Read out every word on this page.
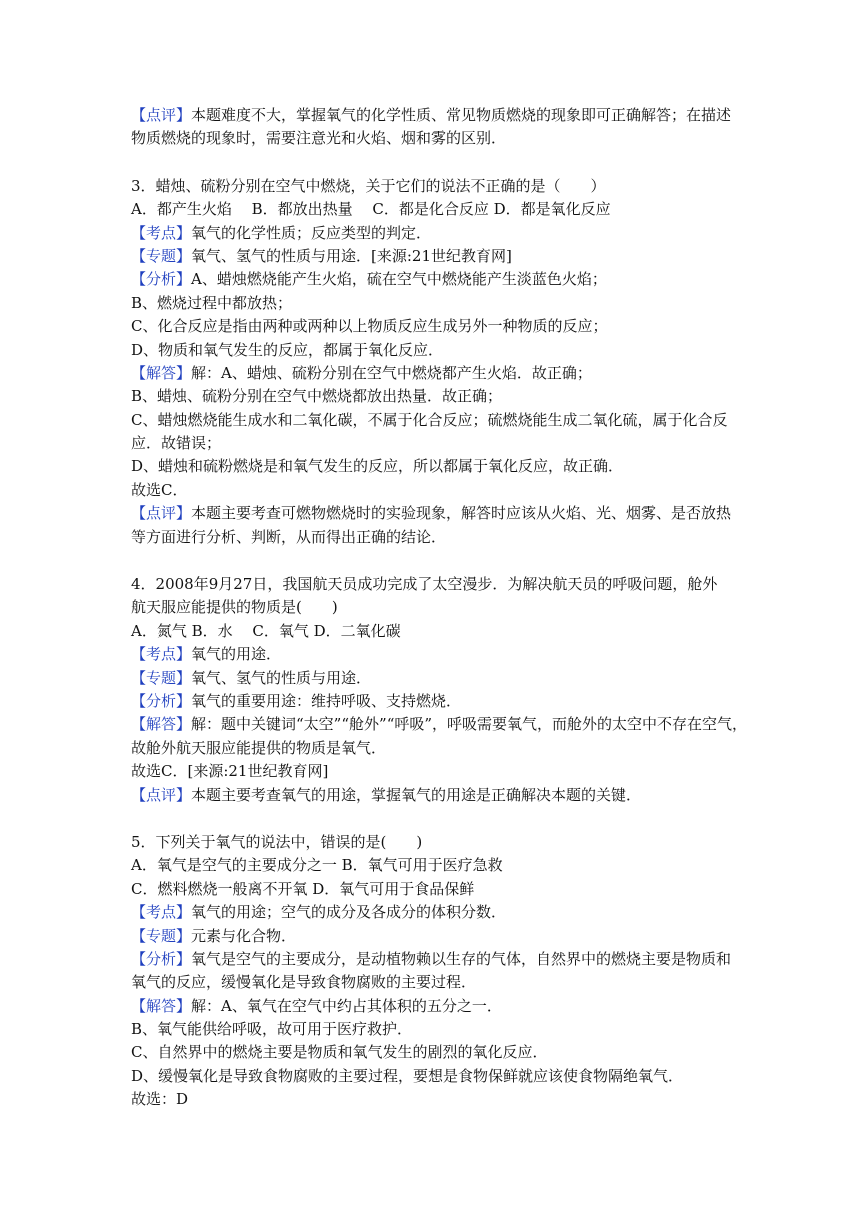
【点评】本题难度不大，掌握氧气的化学性质、常见物质燃烧的现象即可正确解答；在描述
物质燃烧的现象时，需要注意光和火焰、烟和雾的区别．
3．蜡烛、硫粉分别在空气中燃烧，关于它们的说法不正确的是（　　）
A．都产生火焰　 B．都放出热量　 C．都是化合反应 D．都是氧化反应
【考点】氧气的化学性质；反应类型的判定．
【专题】氧气、氢气的性质与用途．[来源:21世纪教育网]
【分析】A、蜡烛燃烧能产生火焰，硫在空气中燃烧能产生淡蓝色火焰；
B、燃烧过程中都放热；
C、化合反应是指由两种或两种以上物质反应生成另外一种物质的反应；
D、物质和氧气发生的反应，都属于氧化反应．
【解答】解：A、蜡烛、硫粉分别在空气中燃烧都产生火焰．故正确；
B、蜡烛、硫粉分别在空气中燃烧都放出热量．故正确；
C、蜡烛燃烧能生成水和二氧化碳，不属于化合反应；硫燃烧能生成二氧化硫，属于化合反
应．故错误；
D、蜡烛和硫粉燃烧是和氧气发生的反应，所以都属于氧化反应，故正确．
故选C．
【点评】本题主要考查可燃物燃烧时的实验现象，解答时应该从火焰、光、烟雾、是否放热
等方面进行分析、判断，从而得出正确的结论．
4．2008年9月27日，我国航天员成功完成了太空漫步．为解决航天员的呼吸问题，舱外
航天服应能提供的物质是(　　)
A．氮气 B．水　 C．氧气 D．二氧化碳
【考点】氧气的用途．
【专题】氧气、氢气的性质与用途．
【分析】氧气的重要用途：维持呼吸、支持燃烧．
【解答】解：题中关键词“太空”“舱外”“呼吸”，呼吸需要氧气，而舱外的太空中不存在空气，
故舱外航天服应能提供的物质是氧气．
故选C．[来源:21世纪教育网]
【点评】本题主要考查氧气的用途，掌握氧气的用途是正确解决本题的关键．
5．下列关于氧气的说法中，错误的是(　　)
A．氧气是空气的主要成分之一 B．氧气可用于医疗急救
C．燃料燃烧一般离不开氧 D．氧气可用于食品保鲜
【考点】氧气的用途；空气的成分及各成分的体积分数．
【专题】元素与化合物．
【分析】氧气是空气的主要成分，是动植物赖以生存的气体，自然界中的燃烧主要是物质和
氧气的反应，缓慢氧化是导致食物腐败的主要过程．
【解答】解：A、氧气在空气中约占其体积的五分之一．
B、氧气能供给呼吸，故可用于医疗救护．
C、自然界中的燃烧主要是物质和氧气发生的剧烈的氧化反应．
D、缓慢氧化是导致食物腐败的主要过程，要想是食物保鲜就应该使食物隔绝氧气．
故选：D
